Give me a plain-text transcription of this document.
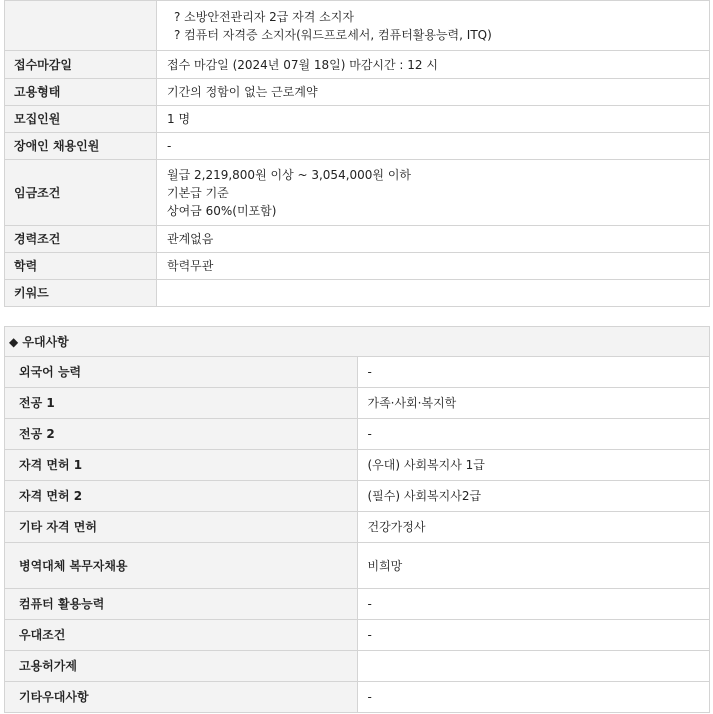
	? 소방안전관리자 2급 자격 소지자
? 컴퓨터 자격증 소지자(워드프로세서, 컴퓨터활용능력, ITQ)

접수마감일	접수 마감일 (2024년 07월 18일) 마감시간 : 12 시
고용형태	기간의 정함이 없는 근로계약
모집인원	1 명
장애인 채용인원	-
임금조건	월급 2,219,800원 이상 ~ 3,054,000원 이하
기본급 기준
상여금 60%(미포함)

경력조건	관계없음
학력	학력무관
키워드	
◆ 우대사항	
외국어 능력	-
전공 1	가족·사회·복지학
전공 2	-
자격 면허 1	(우대) 사회복지사 1급
자격 면허 2	(필수) 사회복지사2급
기타 자격 면허	건강가정사
병역대체 복무자채용	비희망
컴퓨터 활용능력	-
우대조건	-
고용허가제	
기타우대사항	-
